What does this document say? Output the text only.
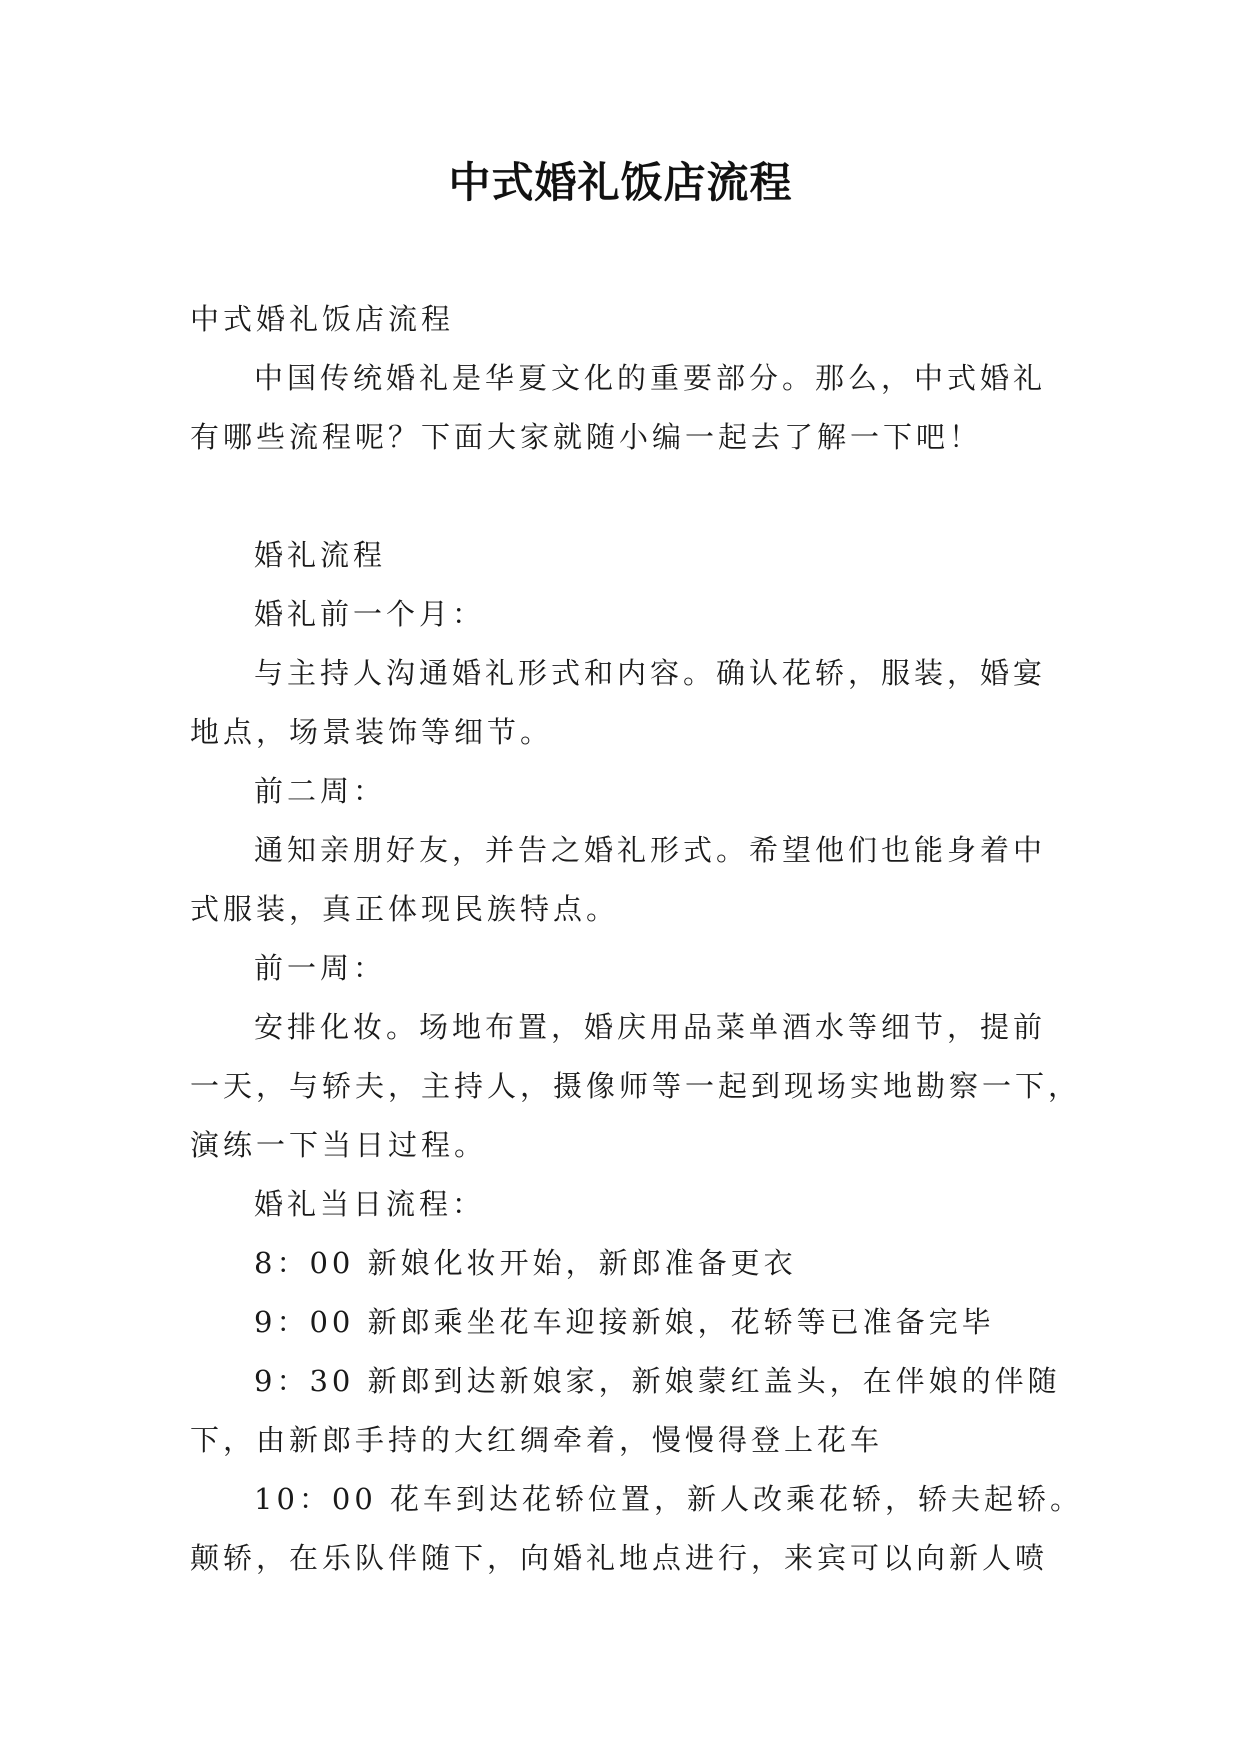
中式婚礼饭店流程
中式婚礼饭店流程
中国传统婚礼是华夏文化的重要部分。那么，中式婚礼
有哪些流程呢？下面大家就随小编一起去了解一下吧！
婚礼流程
婚礼前一个月：
与主持人沟通婚礼形式和内容。确认花轿，服装，婚宴
地点，场景装饰等细节。
前二周：
通知亲朋好友，并告之婚礼形式。希望他们也能身着中
式服装，真正体现民族特点。
前一周：
安排化妆。场地布置，婚庆用品菜单酒水等细节，提前
一天，与轿夫，主持人，摄像师等一起到现场实地勘察一下，
演练一下当日过程。
婚礼当日流程：
8：00 新娘化妆开始，新郎准备更衣
9：00 新郎乘坐花车迎接新娘，花轿等已准备完毕
9：30 新郎到达新娘家，新娘蒙红盖头，在伴娘的伴随
下，由新郎手持的大红绸牵着，慢慢得登上花车
10：00 花车到达花轿位置，新人改乘花轿，轿夫起轿。
颠轿，在乐队伴随下，向婚礼地点进行，来宾可以向新人喷
